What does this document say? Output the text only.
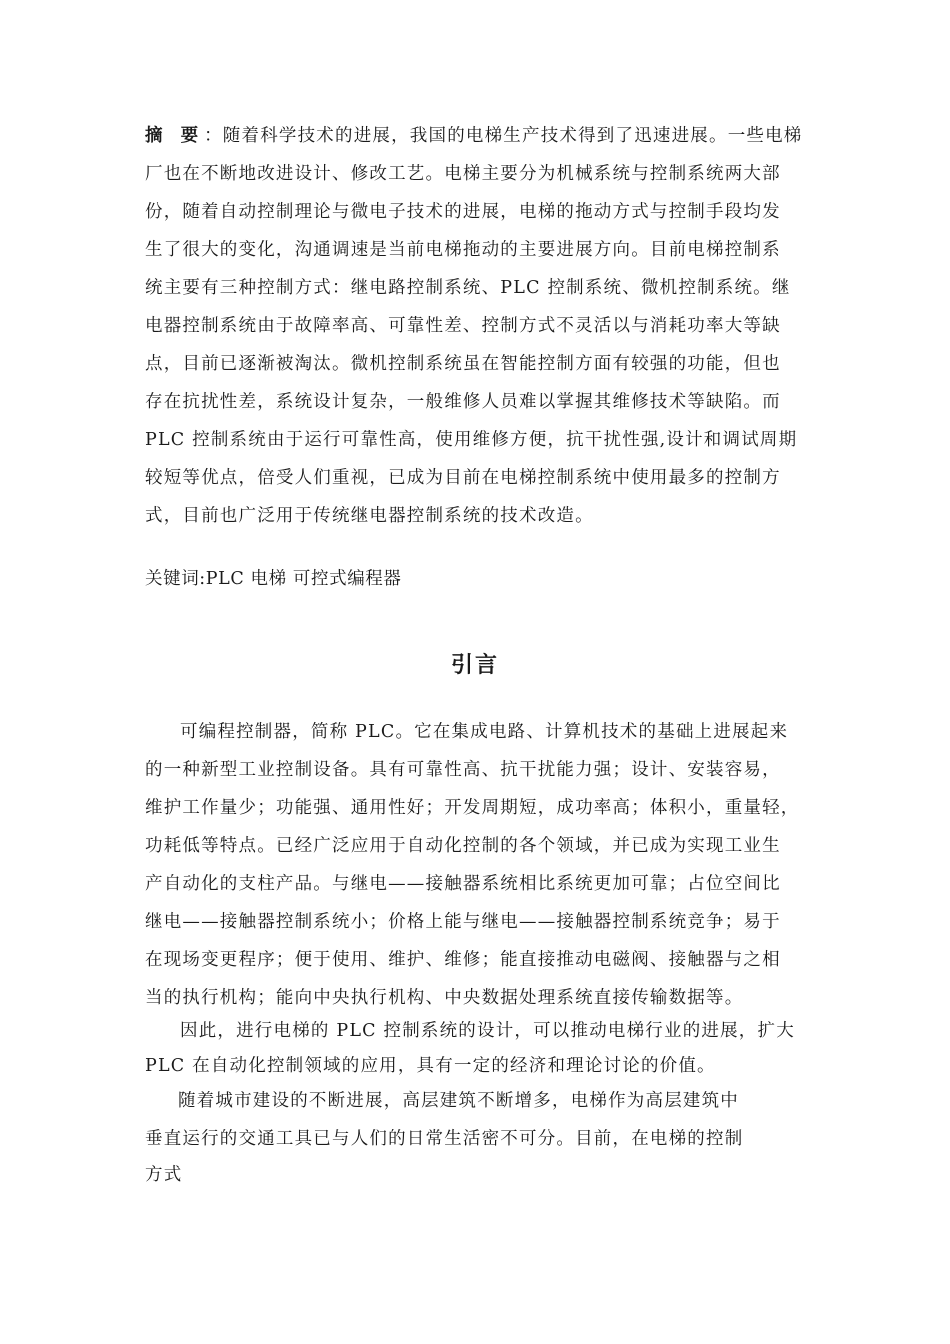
摘 要：随着科学技术的进展，我国的电梯生产技术得到了迅速进展。一些电梯
厂也在不断地改进设计、修改工艺。电梯主要分为机械系统与控制系统两大部
份，随着自动控制理论与微电子技术的进展，电梯的拖动方式与控制手段均发
生了很大的变化，沟通调速是当前电梯拖动的主要进展方向。目前电梯控制系
统主要有三种控制方式：继电路控制系统、PLC 控制系统、微机控制系统。继
电器控制系统由于故障率高、可靠性差、控制方式不灵活以与消耗功率大等缺
点，目前已逐渐被淘汰。微机控制系统虽在智能控制方面有较强的功能，但也
存在抗扰性差，系统设计复杂，一般维修人员难以掌握其维修技术等缺陷。而
PLC 控制系统由于运行可靠性高，使用维修方便，抗干扰性强,设计和调试周期
较短等优点，倍受人们重视，已成为目前在电梯控制系统中使用最多的控制方
式，目前也广泛用于传统继电器控制系统的技术改造。
关键词:PLC 电梯 可控式编程器
引言
可编程控制器，简称 PLC。它在集成电路、计算机技术的基础上进展起来
的一种新型工业控制设备。具有可靠性高、抗干扰能力强；设计、安装容易，
维护工作量少；功能强、通用性好；开发周期短，成功率高；体积小，重量轻，
功耗低等特点。已经广泛应用于自动化控制的各个领域，并已成为实现工业生
产自动化的支柱产品。与继电——接触器系统相比系统更加可靠；占位空间比
继电——接触器控制系统小；价格上能与继电——接触器控制系统竞争；易于
在现场变更程序；便于使用、维护、维修；能直接推动电磁阀、接触器与之相
当的执行机构；能向中央执行机构、中央数据处理系统直接传输数据等。
因此，进行电梯的 PLC 控制系统的设计，可以推动电梯行业的进展，扩大
PLC 在自动化控制领域的应用，具有一定的经济和理论讨论的价值。
随着城市建设的不断进展，高层建筑不断增多，电梯作为高层建筑中
垂直运行的交通工具已与人们的日常生活密不可分。目前，在电梯的控制
方式
